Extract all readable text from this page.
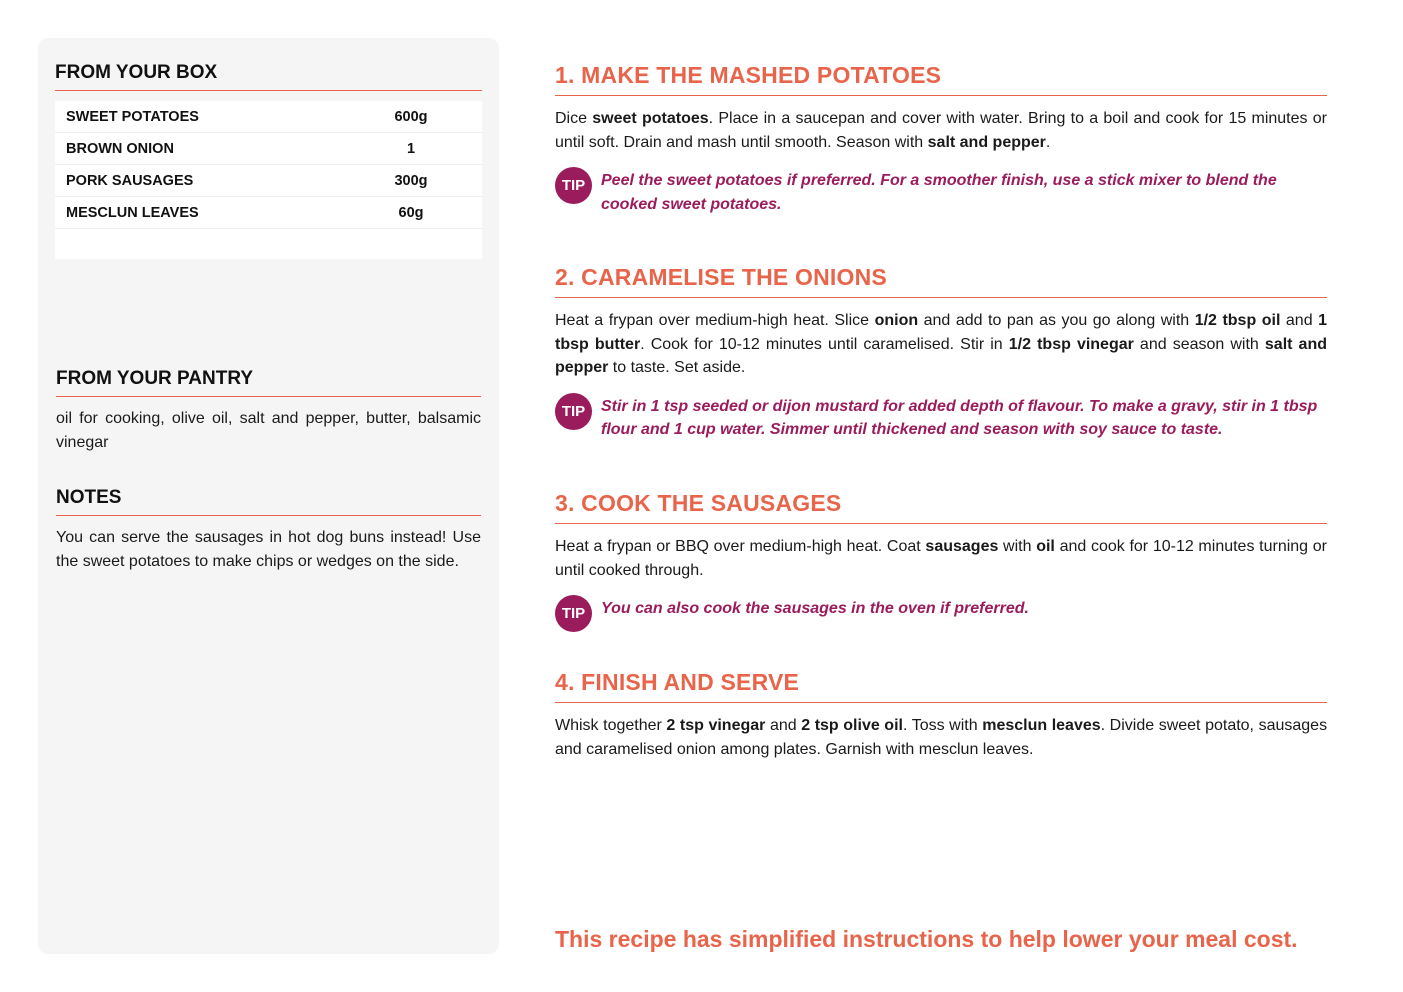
FROM YOUR BOX
SWEET POTATOES	600g
BROWN ONION	1
PORK SAUSAGES	300g
MESCLUN LEAVES	60g
FROM YOUR PANTRY
oil for cooking, olive oil, salt and pepper, butter, balsamic vinegar
NOTES
You can serve the sausages in hot dog buns instead! Use the sweet potatoes to make chips or wedges on the side.
1. MAKE THE MASHED POTATOES
Dice sweet potatoes. Place in a saucepan and cover with water. Bring to a boil and cook for 15 minutes or until soft. Drain and mash until smooth. Season with salt and pepper.
TIP Peel the sweet potatoes if preferred. For a smoother finish, use a stick mixer to blend the cooked sweet potatoes.
2. CARAMELISE THE ONIONS
Heat a frypan over medium-high heat. Slice onion and add to pan as you go along with 1/2 tbsp oil and 1 tbsp butter. Cook for 10-12 minutes until caramelised. Stir in 1/2 tbsp vinegar and season with salt and pepper to taste. Set aside.
TIP Stir in 1 tsp seeded or dijon mustard for added depth of flavour. To make a gravy, stir in 1 tbsp flour and 1 cup water. Simmer until thickened and season with soy sauce to taste.
3. COOK THE SAUSAGES
Heat a frypan or BBQ over medium-high heat. Coat sausages with oil and cook for 10-12 minutes turning or until cooked through.
TIP You can also cook the sausages in the oven if preferred.
4. FINISH AND SERVE
Whisk together 2 tsp vinegar and 2 tsp olive oil. Toss with mesclun leaves. Divide sweet potato, sausages and caramelised onion among plates. Garnish with mesclun leaves.
This recipe has simplified instructions to help lower your meal cost.
